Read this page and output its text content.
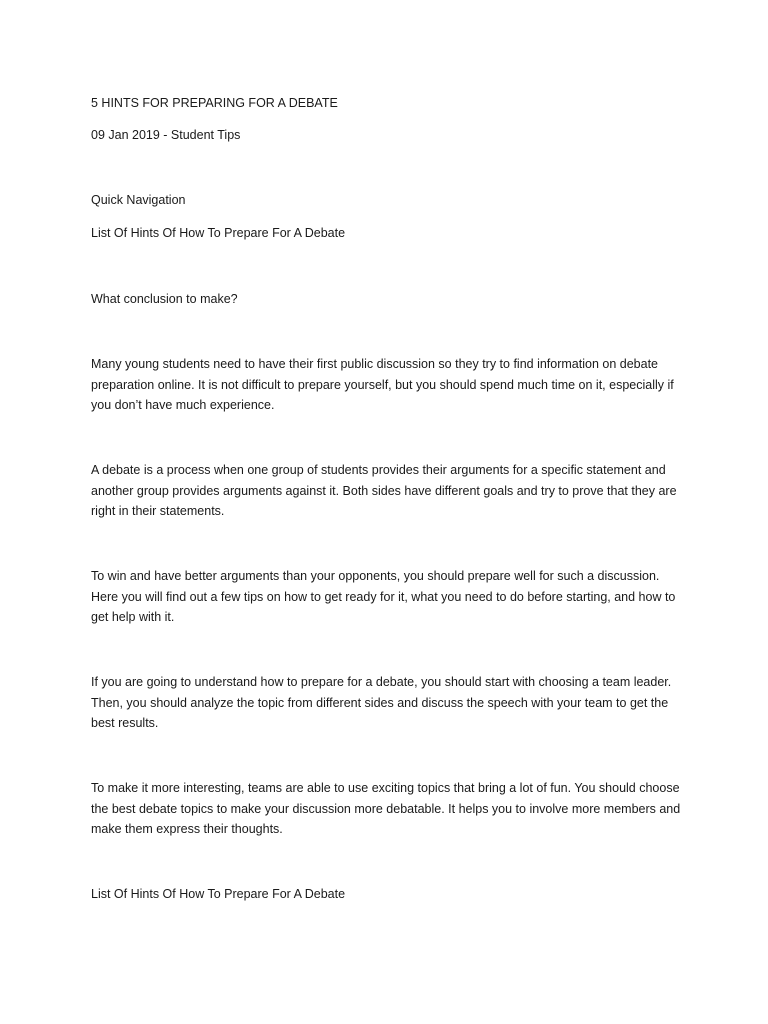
5 HINTS FOR PREPARING FOR A DEBATE

09 Jan 2019 - Student Tips

Quick Navigation

List Of Hints Of How To Prepare For A Debate

What conclusion to make?

Many young students need to have their first public discussion so they try to find information on debate preparation online. It is not difficult to prepare yourself, but you should spend much time on it, especially if you don’t have much experience.

A debate is a process when one group of students provides their arguments for a specific statement and another group provides arguments against it. Both sides have different goals and try to prove that they are right in their statements.

To win and have better arguments than your opponents, you should prepare well for such a discussion. Here you will find out a few tips on how to get ready for it, what you need to do before starting, and how to get help with it.

If you are going to understand how to prepare for a debate, you should start with choosing a team leader. Then, you should analyze the topic from different sides and discuss the speech with your team to get the best results.

To make it more interesting, teams are able to use exciting topics that bring a lot of fun. You should choose the best debate topics to make your discussion more debatable. It helps you to involve more members and make them express their thoughts.

List Of Hints Of How To Prepare For A Debate
